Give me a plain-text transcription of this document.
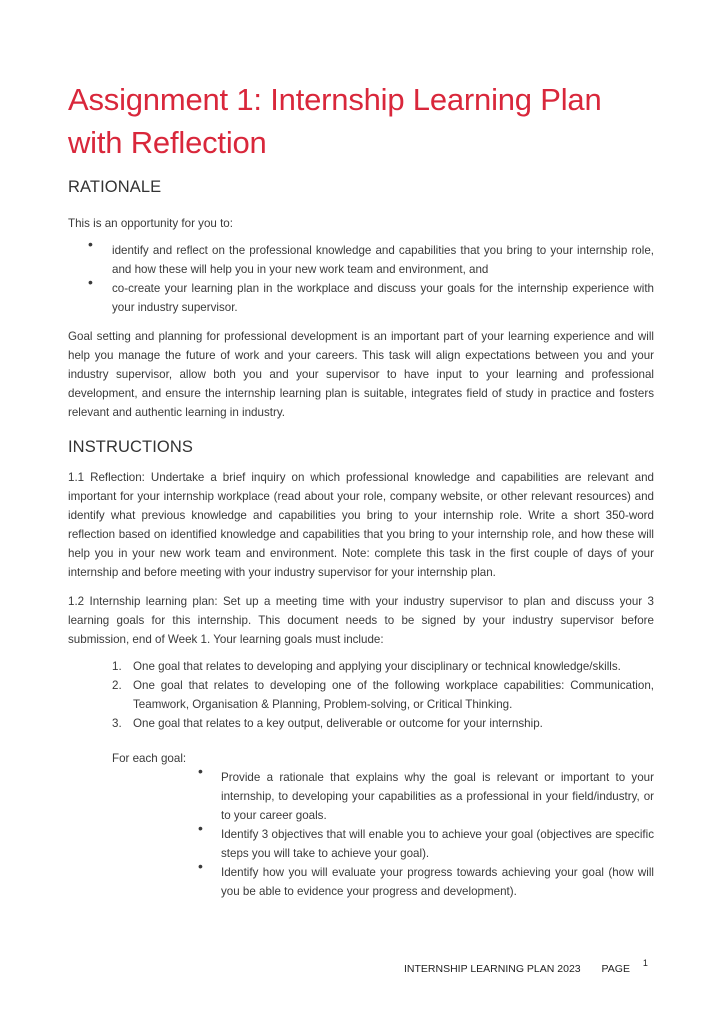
Assignment 1: Internship Learning Plan with Reflection
RATIONALE

This is an opportunity for you to:

• identify and reflect on the professional knowledge and capabilities that you bring to your internship role, and how these will help you in your new work team and environment, and
• co-create your learning plan in the workplace and discuss your goals for the internship experience with your industry supervisor.

Goal setting and planning for professional development is an important part of your learning experience and will help you manage the future of work and your careers. This task will align expectations between you and your industry supervisor, allow both you and your supervisor to have input to your learning and professional development, and ensure the internship learning plan is suitable, integrates field of study in practice and fosters relevant and authentic learning in industry.

INSTRUCTIONS

1.1 Reflection: Undertake a brief inquiry on which professional knowledge and capabilities are relevant and important for your internship workplace (read about your role, company website, or other relevant resources) and identify what previous knowledge and capabilities you bring to your internship role. Write a short 350-word reflection based on identified knowledge and capabilities that you bring to your internship role, and how these will help you in your new work team and environment. Note: complete this task in the first couple of days of your internship and before meeting with your industry supervisor for your internship plan.

1.2 Internship learning plan: Set up a meeting time with your industry supervisor to plan and discuss your 3 learning goals for this internship. This document needs to be signed by your industry supervisor before submission, end of Week 1. Your learning goals must include:

1. One goal that relates to developing and applying your disciplinary or technical knowledge/skills.
2. One goal that relates to developing one of the following workplace capabilities: Communication, Teamwork, Organisation & Planning, Problem-solving, or Critical Thinking.
3. One goal that relates to a key output, deliverable or outcome for your internship.

For each goal:

• Provide a rationale that explains why the goal is relevant or important to your internship, to developing your capabilities as a professional in your field/industry, or to your career goals.
• Identify 3 objectives that will enable you to achieve your goal (objectives are specific steps you will take to achieve your goal).
• Identify how you will evaluate your progress towards achieving your goal (how will you be able to evidence your progress and development).
INTERNSHIP LEARNING PLAN 2023 PAGE 1
